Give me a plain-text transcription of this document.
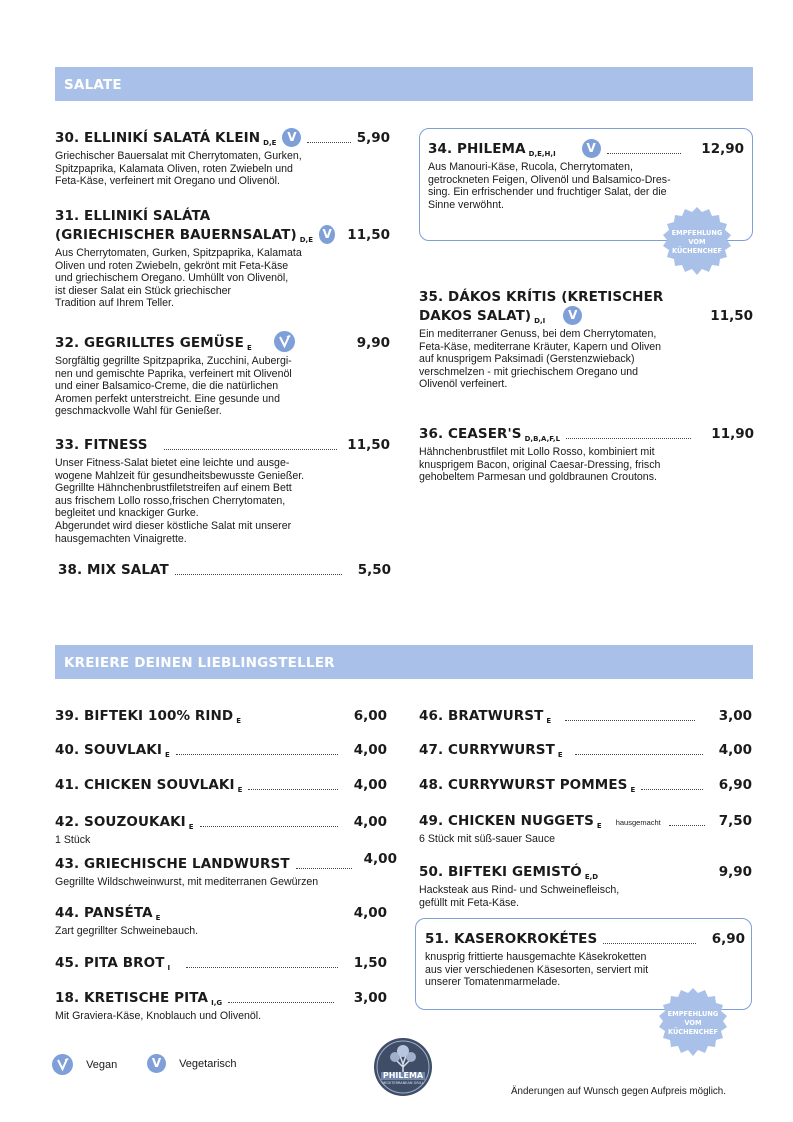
SALATE
30. ELLINIKÍ SALATÁ KLEIN D,E V	5,90
Griechischer Bauersalat mit Cherrytomaten, Gurken,
Spitzpaprika, Kalamata Oliven, roten Zwiebeln und
Feta-Käse, verfeinert mit Oregano und Olivenöl.
31. ELLINIKÍ SALÁTA
(GRIECHISCHER BAUERNSALAT) D,E V 11,50
Aus Cherrytomaten, Gurken, Spitzpaprika, Kalamata
Oliven und roten Zwiebeln, gekrönt mit Feta-Käse
und griechischem Oregano. Umhüllt von Olivenöl,
ist dieser Salat ein Stück griechischer
Tradition auf Ihrem Teller.
32. GEGRILLTES GEMÜSE E	9,90
Sorgfältig gegrillte Spitzpaprika, Zucchini, Aubergi-
nen und gemischte Paprika, verfeinert mit Olivenöl
und einer Balsamico-Creme, die die natürlichen
Aromen perfekt unterstreicht. Eine gesunde und
geschmackvolle Wahl für Genießer.
33. FITNESS	11,50
Unser Fitness-Salat bietet eine leichte und ausge-
wogene Mahlzeit für gesundheitsbewusste Genießer.
Gegrillte Hähnchenbrustfiletstreifen auf einem Bett
aus frischem Lollo rosso,frischen Cherrytomaten,
begleitet und knackiger Gurke.
Abgerundet wird dieser köstliche Salat mit unserer
hausgemachten Vinaigrette.
38. MIX SALAT	5,50
34. PHILEMA D,E,H,I	V	12,90
Aus Manouri-Käse, Rucola, Cherrytomaten,
getrockneten Feigen, Olivenöl und Balsamico-Dres-
sing. Ein erfrischender und fruchtiger Salat, der die
Sinne verwöhnt.
EMPFEHLUNG
VOM
KÜCHENCHEF
35. DÁKOS KRÍTIS (KRETISCHER
DAKOS SALAT) D,I	V	11,50
Ein mediterraner Genuss, bei dem Cherrytomaten,
Feta-Käse, mediterrane Kräuter, Kapern und Oliven
auf knusprigem Paksimadi (Gerstenzwieback)
verschmelzen - mit griechischem Oregano und
Olivenöl verfeinert.
36. CEASER'S D,B,A,F,L	11,90
Hähnchenbrustfilet mit Lollo Rosso, kombiniert mit
knusprigem Bacon, original Caesar-Dressing, frisch
gehobeltem Parmesan und goldbraunen Croutons.
KREIERE DEINEN LIEBLINGSTELLER
39. BIFTEKI 100% RIND E	6,00
40. SOUVLAKI E	4,00
41. CHICKEN SOUVLAKI E	4,00
42. SOUZOUKAKI E	4,00
1 Stück
43. GRIECHISCHE LANDWURST	4,00
Gegrillte Wildschweinwurst, mit mediterranen Gewürzen
44. PANSÉTA E	4,00
Zart gegrillter Schweinebauch.
45. PITA BROT I	1,50
18. KRETISCHE PITA I,G	3,00
Mit Graviera-Käse, Knoblauch und Olivenöl.
46. BRATWURST E	3,00
47. CURRYWURST E	4,00
48. CURRYWURST POMMES E	6,90
49. CHICKEN NUGGETS E hausgemacht	7,50
6 Stück mit süß-sauer Sauce
50. BIFTEKI GEMISTÓ E,D	9,90
Hacksteak aus Rind- und Schweinefleisch,
gefüllt mit Feta-Käse.
51. KASEROKROKÉTES	6,90
knusprig frittierte hausgemachte Käsekroketten
aus vier verschiedenen Käsesorten, serviert mit
unserer Tomatenmarmelade.
EMPFEHLUNG
VOM
KÜCHENCHEF
Vegan	V Vegetarisch
PHILEMA
MEDITERRANEAN GRILL
Änderungen auf Wunsch gegen Aufpreis möglich.
